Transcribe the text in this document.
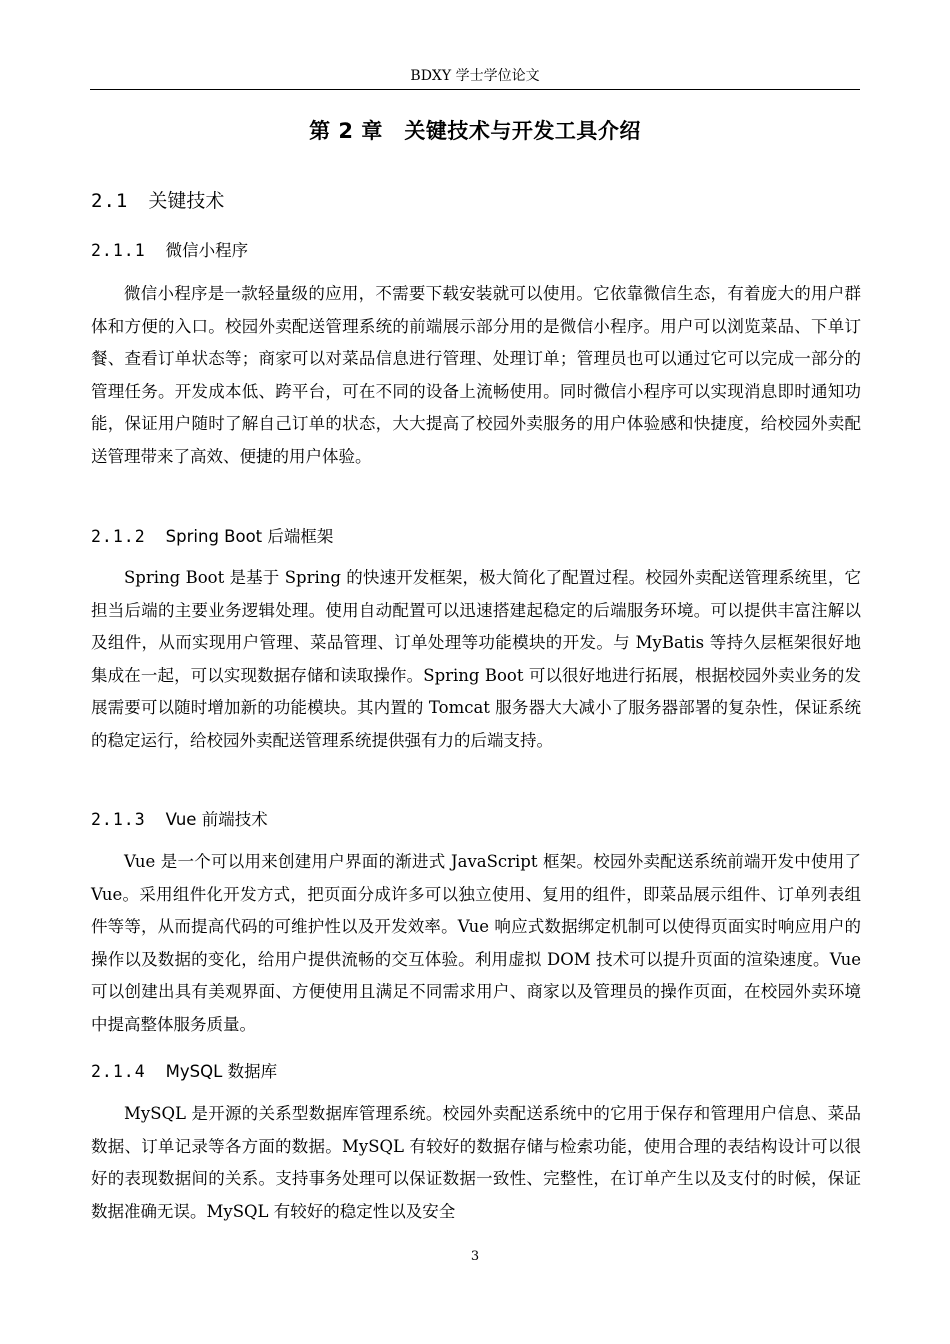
BDXY 学士学位论文
第 2 章　关键技术与开发工具介绍
2.1 关键技术
2.1.1 微信小程序

微信小程序是一款轻量级的应用，不需要下载安装就可以使用。它依靠微信生态，有着庞大的用户群体和方便的入口。校园外卖配送管理系统的前端展示部分用的是微信小程序。用户可以浏览菜品、下单订餐、查看订单状态等；商家可以对菜品信息进行管理、处理订单；管理员也可以通过它可以完成一部分的管理任务。开发成本低、跨平台，可在不同的设备上流畅使用。同时微信小程序可以实现消息即时通知功能，保证用户随时了解自己订单的状态，大大提高了校园外卖服务的用户体验感和快捷度，给校园外卖配送管理带来了高效、便捷的用户体验。

2.1.2 Spring Boot 后端框架

Spring Boot 是基于 Spring 的快速开发框架，极大简化了配置过程。校园外卖配送管理系统里，它担当后端的主要业务逻辑处理。使用自动配置可以迅速搭建起稳定的后端服务环境。可以提供丰富注解以及组件，从而实现用户管理、菜品管理、订单处理等功能模块的开发。与 MyBatis 等持久层框架很好地集成在一起，可以实现数据存储和读取操作。Spring Boot 可以很好地进行拓展，根据校园外卖业务的发展需要可以随时增加新的功能模块。其内置的 Tomcat 服务器大大减小了服务器部署的复杂性，保证系统的稳定运行，给校园外卖配送管理系统提供强有力的后端支持。

2.1.3 Vue 前端技术

Vue 是一个可以用来创建用户界面的渐进式 JavaScript 框架。校园外卖配送系统前端开发中使用了 Vue。采用组件化开发方式，把页面分成许多可以独立使用、复用的组件，即菜品展示组件、订单列表组件等等，从而提高代码的可维护性以及开发效率。Vue 响应式数据绑定机制可以使得页面实时响应用户的操作以及数据的变化，给用户提供流畅的交互体验。利用虚拟 DOM 技术可以提升页面的渲染速度。Vue 可以创建出具有美观界面、方便使用且满足不同需求用户、商家以及管理员的操作页面，在校园外卖环境中提高整体服务质量。

2.1.4 MySQL 数据库

MySQL 是开源的关系型数据库管理系统。校园外卖配送系统中的它用于保存和管理用户信息、菜品数据、订单记录等各方面的数据。MySQL 有较好的数据存储与检索功能，使用合理的表结构设计可以很好的表现数据间的关系。支持事务处理可以保证数据一致性、完整性，在订单产生以及支付的时候，保证数据准确无误。MySQL 有较好的稳定性以及安全

3
